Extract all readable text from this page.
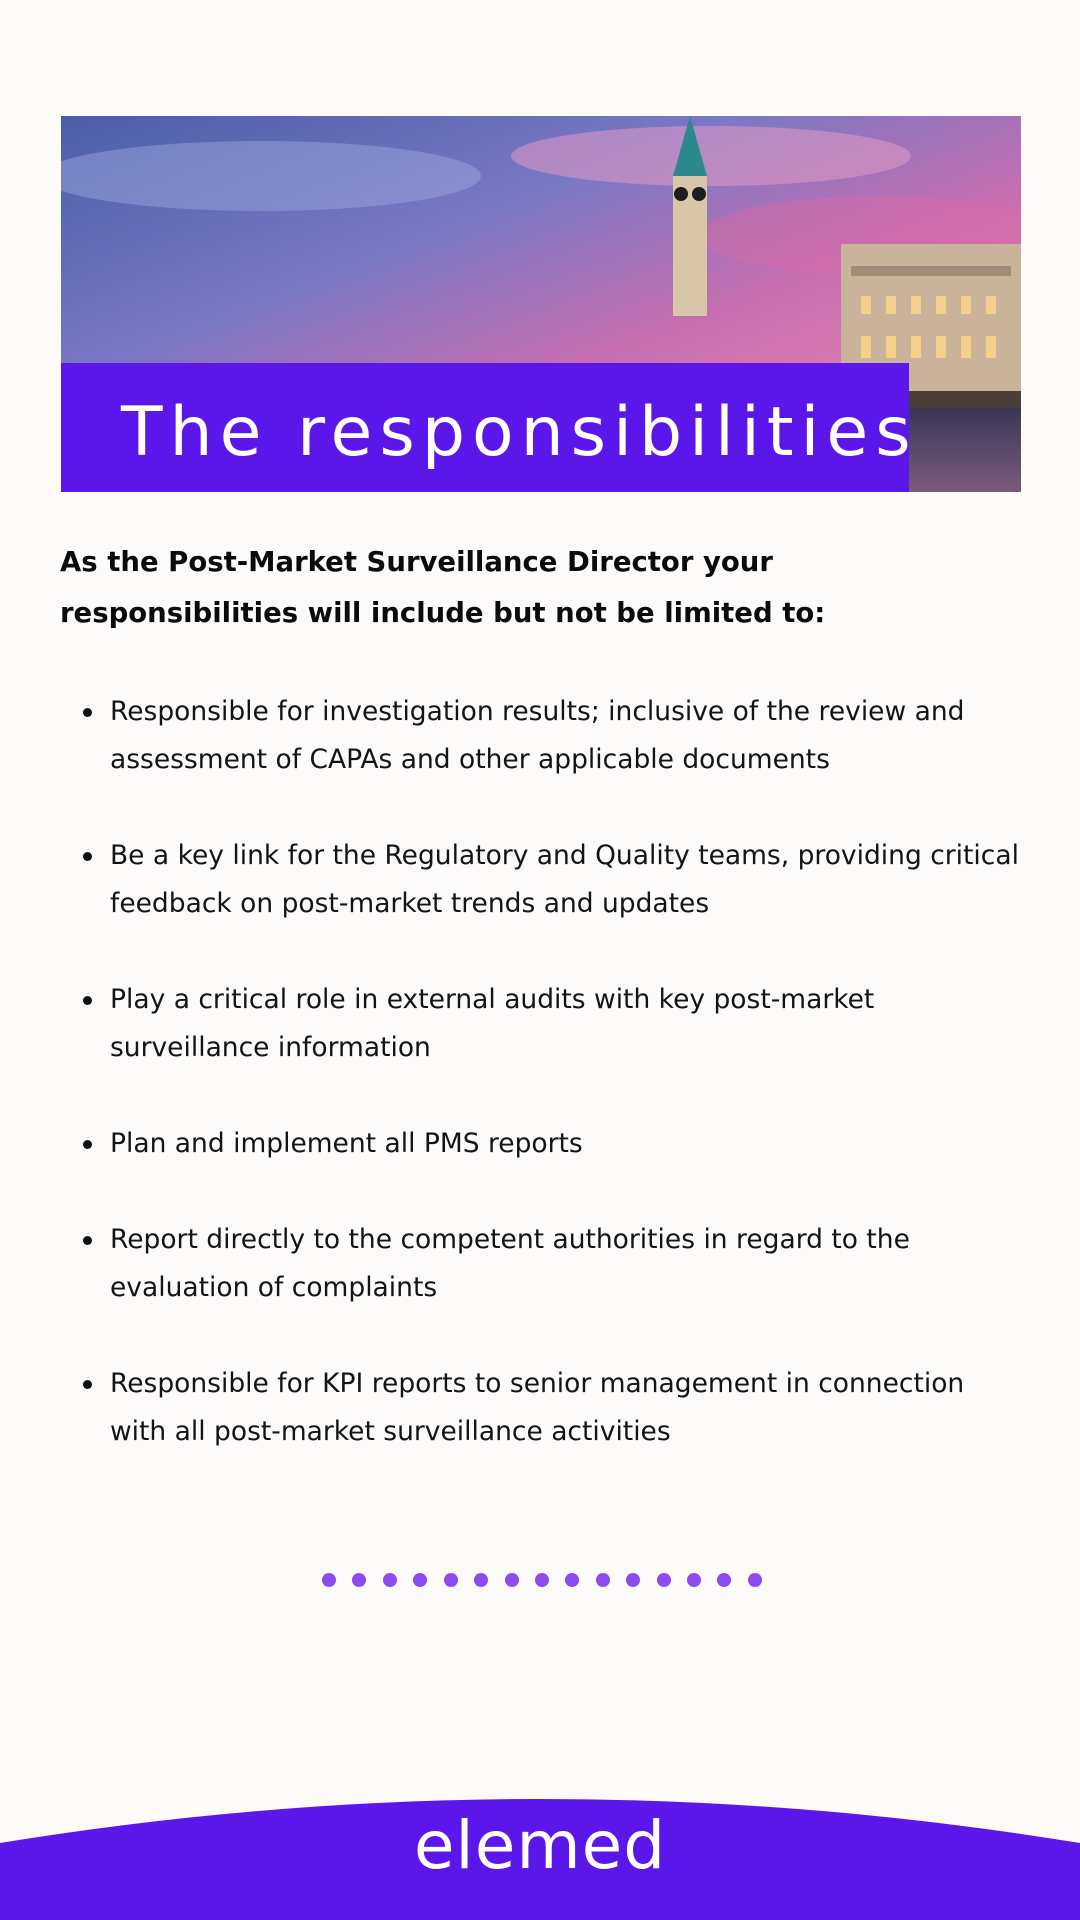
The responsibilities

As the Post-Market Surveillance Director your responsibilities will include but not be limited to:

Responsible for investigation results; inclusive of the review and assessment of CAPAs and other applicable documents
Be a key link for the Regulatory and Quality teams, providing critical feedback on post-market trends and updates
Play a critical role in external audits with key post-market surveillance information
Plan and implement all PMS reports
Report directly to the competent authorities in regard to the evaluation of complaints
Responsible for KPI reports to senior management in connection with all post-market surveillance activities
elemed
